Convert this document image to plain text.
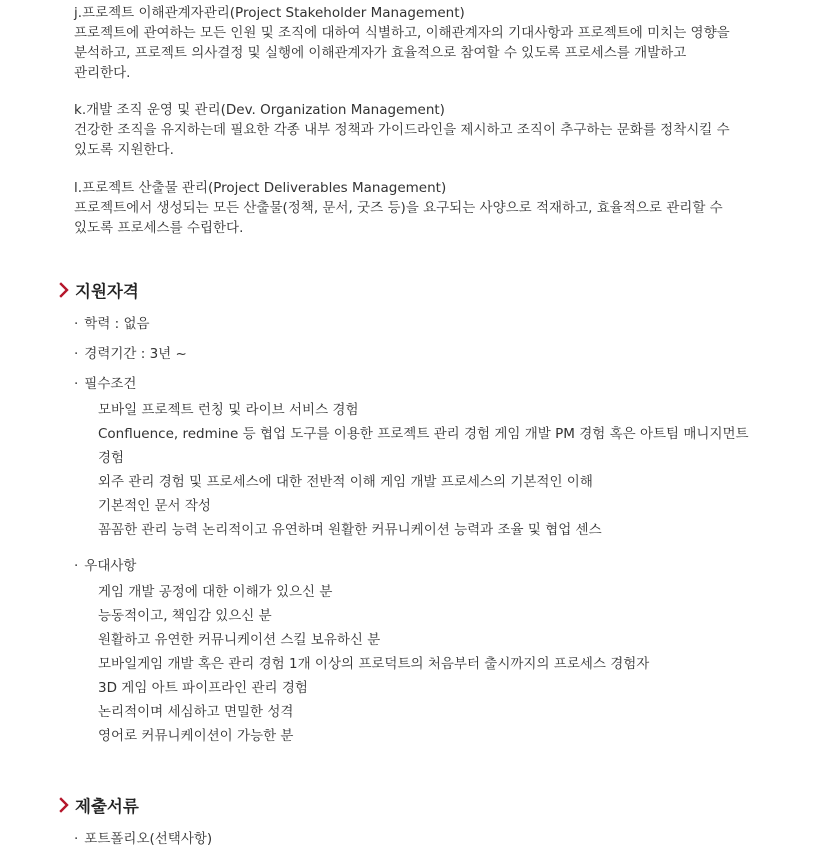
j.프로젝트 이해관계자관리(Project Stakeholder Management)
프로젝트에 관여하는 모든 인원 및 조직에 대하여 식별하고, 이해관계자의 기대사항과 프로젝트에 미치는 영향을
분석하고, 프로젝트 의사결정 및 실행에 이해관계자가 효율적으로 참여할 수 있도록 프로세스를 개발하고
관리한다.
k.개발 조직 운영 및 관리(Dev. Organization Management)
건강한 조직을 유지하는데 필요한 각종 내부 정책과 가이드라인을 제시하고 조직이 추구하는 문화를 정착시킬 수
있도록 지원한다.
l.프로젝트 산출물 관리(Project Deliverables Management)
프로젝트에서 생성되는 모든 산출물(정책, 문서, 굿즈 등)을 요구되는 사양으로 적재하고, 효율적으로 관리할 수
있도록 프로세스를 수립한다.
지원자격
· 학력 : 없음
· 경력기간 : 3년 ~
· 필수조건
모바일 프로젝트 런칭 및 라이브 서비스 경험
Confluence, redmine 등 협업 도구를 이용한 프로젝트 관리 경험 게임 개발 PM 경험 혹은 아트팀 매니지먼트
경험
외주 관리 경험 및 프로세스에 대한 전반적 이해 게임 개발 프로세스의 기본적인 이해
기본적인 문서 작성
꼼꼼한 관리 능력 논리적이고 유연하며 원활한 커뮤니케이션 능력과 조율 및 협업 센스
· 우대사항
게임 개발 공정에 대한 이해가 있으신 분
능동적이고, 책임감 있으신 분
원활하고 유연한 커뮤니케이션 스킬 보유하신 분
모바일게임 개발 혹은 관리 경험 1개 이상의 프로덕트의 처음부터 출시까지의 프로세스 경험자
3D 게임 아트 파이프라인 관리 경험
논리적이며 세심하고 면밀한 성격
영어로 커뮤니케이션이 가능한 분
제출서류
· 포트폴리오(선택사항)
